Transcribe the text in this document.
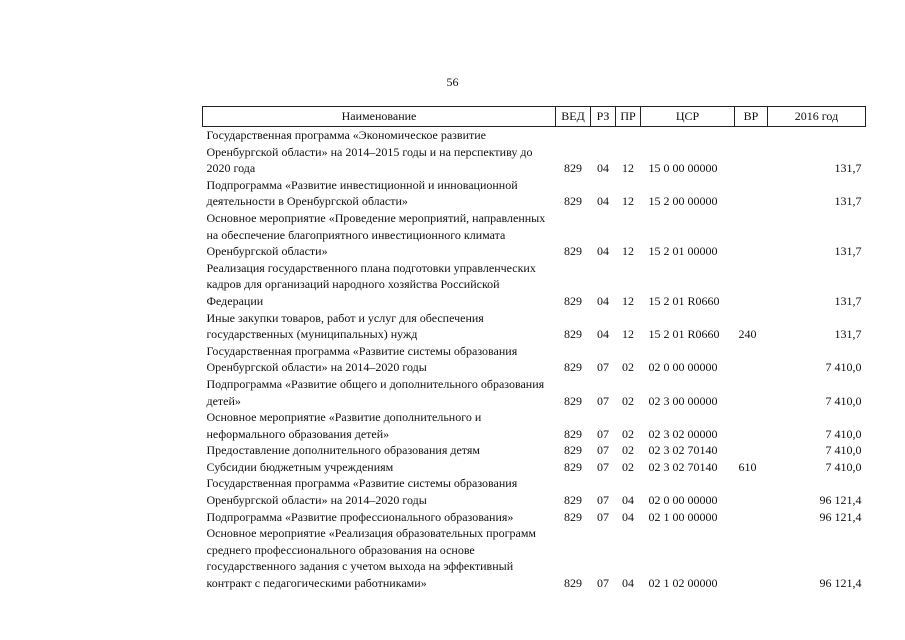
56
Наименование	ВЕД	РЗ	ПР	ЦСР	ВР	2016 год
Государственная программа «Экономическое развитие Оренбургской области» на 2014–2015 годы и на перспективу до 2020 года	829	04	12	15 0 00 00000		131,7
Подпрограмма «Развитие инвестиционной и инновационной деятельности в Оренбургской области»	829	04	12	15 2 00 00000		131,7
Основное мероприятие «Проведение мероприятий, направленных на обеспечение благоприятного инвестиционного климата Оренбургской области»	829	04	12	15 2 01 00000		131,7
Реализация государственного плана подготовки управленческих кадров для организаций народного хозяйства Российской Федерации	829	04	12	15 2 01 R0660		131,7
Иные закупки товаров, работ и услуг для обеспечения государственных (муниципальных) нужд	829	04	12	15 2 01 R0660	240	131,7
Государственная программа «Развитие системы образования Оренбургской области» на 2014–2020 годы	829	07	02	02 0 00 00000		7 410,0
Подпрограмма «Развитие общего и дополнительного образования детей»	829	07	02	02 3 00 00000		7 410,0
Основное мероприятие «Развитие дополнительного и неформального образования детей»	829	07	02	02 3 02 00000		7 410,0
Предоставление дополнительного образования детям	829	07	02	02 3 02 70140		7 410,0
Субсидии бюджетным учреждениям	829	07	02	02 3 02 70140	610	7 410,0
Государственная программа «Развитие системы образования Оренбургской области» на 2014–2020 годы	829	07	04	02 0 00 00000		96 121,4
Подпрограмма «Развитие профессионального образования»	829	07	04	02 1 00 00000		96 121,4
Основное мероприятие «Реализация образовательных программ среднего профессионального образования на основе государственного задания с учетом выхода на эффективный контракт с педагогическими работниками»	829	07	04	02 1 02 00000		96 121,4
